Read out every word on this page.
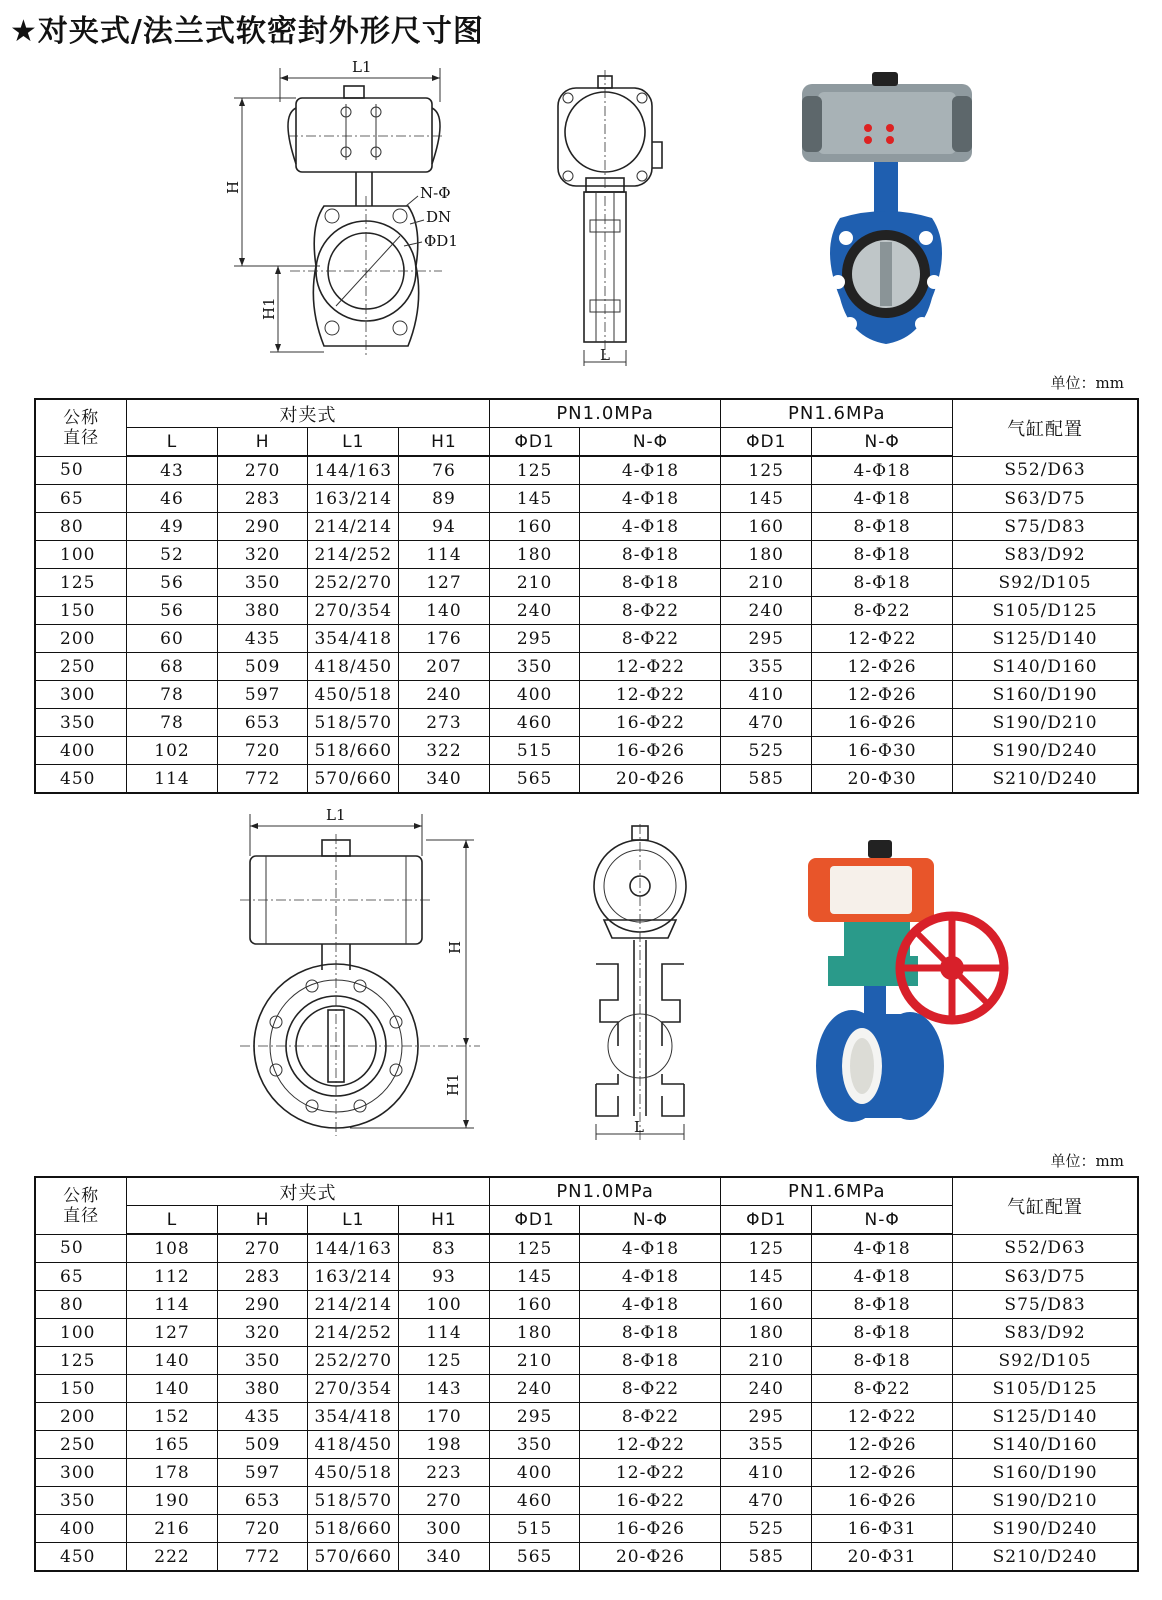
★对夹式/法兰式软密封外形尺寸图
L1
H	N-Φ
DN
ΦD1
H1
L
单位：mm
公称
直径	对夹式				PN1.0MPa		PN1.6MPa		气缸配置
	L	H	L1	H1	ΦD1	N-Φ	ΦD1	N-Φ	
50	43	270	144/163	76	125	4-Φ18	125	4-Φ18	S52/D63
65	46	283	163/214	89	145	4-Φ18	145	4-Φ18	S63/D75
80	49	290	214/214	94	160	4-Φ18	160	8-Φ18	S75/D83
100	52	320	214/252	114	180	8-Φ18	180	8-Φ18	S83/D92
125	56	350	252/270	127	210	8-Φ18	210	8-Φ18	S92/D105
150	56	380	270/354	140	240	8-Φ22	240	8-Φ22	S105/D125
200	60	435	354/418	176	295	8-Φ22	295	12-Φ22	S125/D140
250	68	509	418/450	207	350	12-Φ22	355	12-Φ26	S140/D160
300	78	597	450/518	240	400	12-Φ22	410	12-Φ26	S160/D190
350	78	653	518/570	273	460	16-Φ22	470	16-Φ26	S190/D210
400	102	720	518/660	322	515	16-Φ26	525	16-Φ30	S190/D240
450	114	772	570/660	340	565	20-Φ26	585	20-Φ30	S210/D240
L1
H
H1
L
单位：mm
公称
直径	对夹式				PN1.0MPa		PN1.6MPa		气缸配置
	L	H	L1	H1	ΦD1	N-Φ	ΦD1	N-Φ	
50	108	270	144/163	83	125	4-Φ18	125	4-Φ18	S52/D63
65	112	283	163/214	93	145	4-Φ18	145	4-Φ18	S63/D75
80	114	290	214/214	100	160	4-Φ18	160	8-Φ18	S75/D83
100	127	320	214/252	114	180	8-Φ18	180	8-Φ18	S83/D92
125	140	350	252/270	125	210	8-Φ18	210	8-Φ18	S92/D105
150	140	380	270/354	143	240	8-Φ22	240	8-Φ22	S105/D125
200	152	435	354/418	170	295	8-Φ22	295	12-Φ22	S125/D140
250	165	509	418/450	198	350	12-Φ22	355	12-Φ26	S140/D160
300	178	597	450/518	223	400	12-Φ22	410	12-Φ26	S160/D190
350	190	653	518/570	270	460	16-Φ22	470	16-Φ26	S190/D210
400	216	720	518/660	300	515	16-Φ26	525	16-Φ31	S190/D240
450	222	772	570/660	340	565	20-Φ26	585	20-Φ31	S210/D240
